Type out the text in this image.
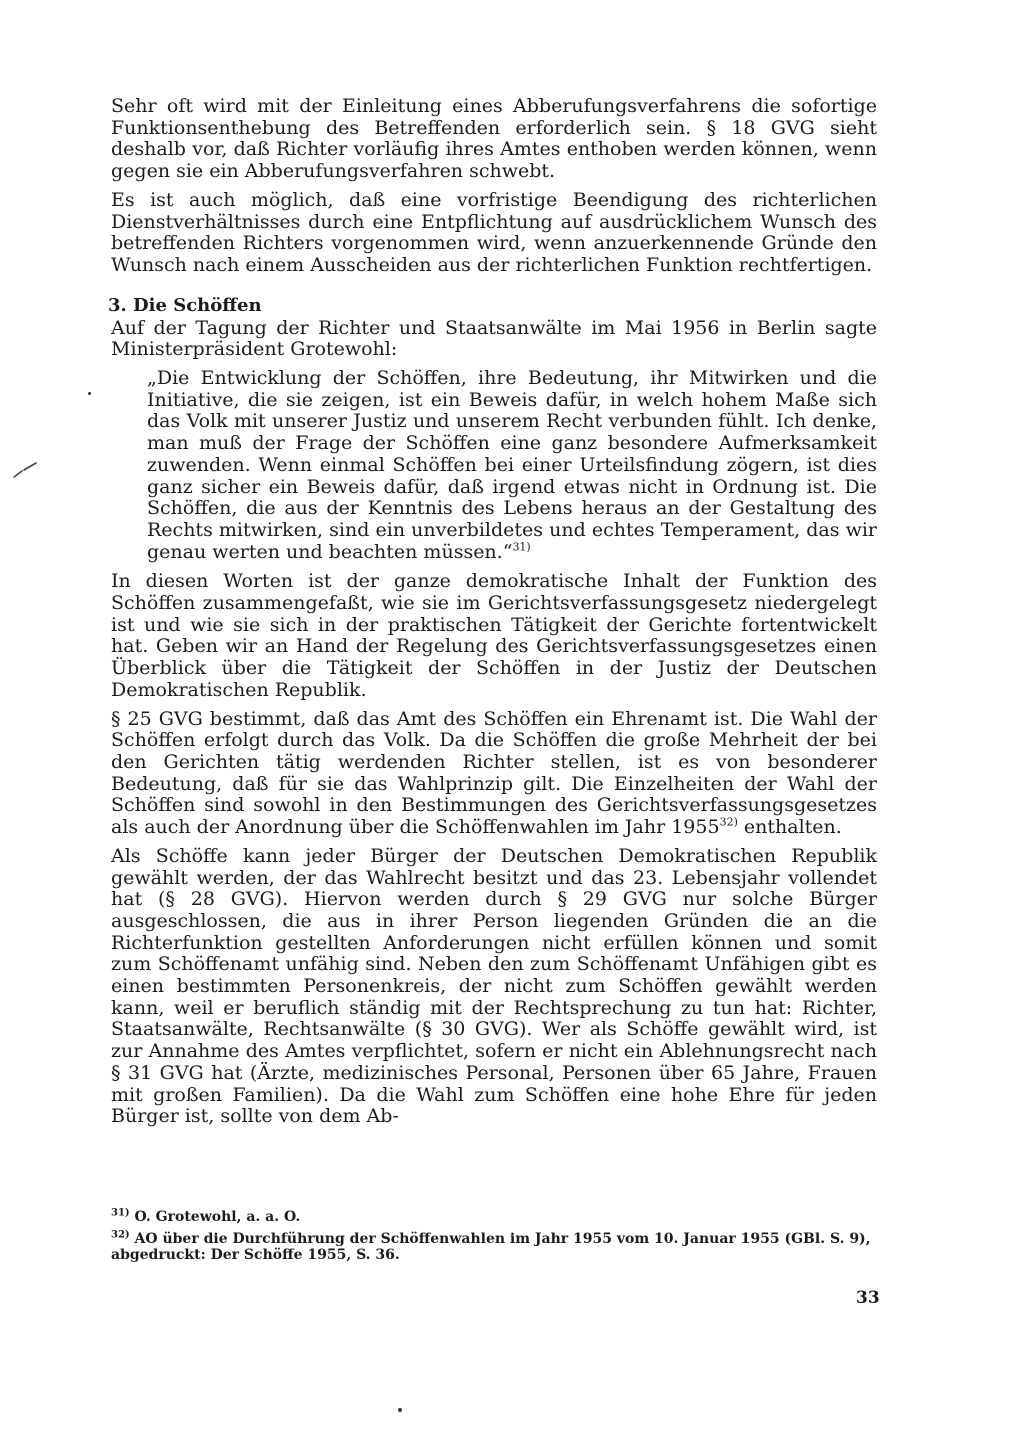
Sehr oft wird mit der Einleitung eines Abberufungsverfahrens die sofortige Funktionsenthebung des Betreffenden erforderlich sein. § 18 GVG sieht deshalb vor, daß Richter vorläufig ihres Amtes enthoben werden können, wenn gegen sie ein Abberufungsverfahren schwebt.

Es ist auch möglich, daß eine vorfristige Beendigung des richterlichen Dienstverhältnisses durch eine Entpflichtung auf ausdrücklichem Wunsch des betreffenden Richters vorgenommen wird, wenn anzuerkennende Gründe den Wunsch nach einem Ausscheiden aus der richterlichen Funktion rechtfertigen.

3. Die Schöffen

Auf der Tagung der Richter und Staatsanwälte im Mai 1956 in Berlin sagte Ministerpräsident Grotewohl:

„Die Entwicklung der Schöffen, ihre Bedeutung, ihr Mitwirken und die Initiative, die sie zeigen, ist ein Beweis dafür, in welch hohem Maße sich das Volk mit unserer Justiz und unserem Recht verbunden fühlt. Ich denke, man muß der Frage der Schöffen eine ganz besondere Aufmerksamkeit zuwenden. Wenn einmal Schöffen bei einer Urteilsfindung zögern, ist dies ganz sicher ein Beweis dafür, daß irgend etwas nicht in Ordnung ist. Die Schöffen, die aus der Kenntnis des Lebens heraus an der Gestaltung des Rechts mitwirken, sind ein unverbildetes und echtes Temperament, das wir genau werten und beachten müssen.“$^{31)}$

In diesen Worten ist der ganze demokratische Inhalt der Funktion des Schöffen zusammengefaßt, wie sie im Gerichtsverfassungsgesetz niedergelegt ist und wie sie sich in der praktischen Tätigkeit der Gerichte fortentwickelt hat. Geben wir an Hand der Regelung des Gerichtsverfassungsgesetzes einen Überblick über die Tätigkeit der Schöffen in der Justiz der Deutschen Demokratischen Republik.

§ 25 GVG bestimmt, daß das Amt des Schöffen ein Ehrenamt ist. Die Wahl der Schöffen erfolgt durch das Volk. Da die Schöffen die große Mehrheit der bei den Gerichten tätig werdenden Richter stellen, ist es von besonderer Bedeutung, daß für sie das Wahlprinzip gilt. Die Einzelheiten der Wahl der Schöffen sind sowohl in den Bestimmungen des Gerichtsverfassungsgesetzes als auch der Anordnung über die Schöffenwahlen im Jahr 1955$^{32)}$ enthalten.

Als Schöffe kann jeder Bürger der Deutschen Demokratischen Republik gewählt werden, der das Wahlrecht besitzt und das 23. Lebensjahr vollendet hat (§ 28 GVG). Hiervon werden durch § 29 GVG nur solche Bürger ausgeschlossen, die aus in ihrer Person liegenden Gründen die an die Richterfunktion gestellten Anforderungen nicht erfüllen können und somit zum Schöffenamt unfähig sind. Neben den zum Schöffenamt Unfähigen gibt es einen bestimmten Personenkreis, der nicht zum Schöffen gewählt werden kann, weil er beruflich ständig mit der Rechtsprechung zu tun hat: Richter, Staatsanwälte, Rechtsanwälte (§ 30 GVG). Wer als Schöffe gewählt wird, ist zur Annahme des Amtes verpflichtet, sofern er nicht ein Ablehnungsrecht nach § 31 GVG hat (Ärzte, medizinisches Personal, Personen über 65 Jahre, Frauen mit großen Familien). Da die Wahl zum Schöffen eine hohe Ehre für jeden Bürger ist, sollte von dem Ab-

$^{31)}$ O. Grotewohl, a. a. O.

$^{32)}$ AO über die Durchführung der Schöffenwahlen im Jahr 1955 vom 10. Januar 1955 (GBl. S. 9), abgedruckt: Der Schöffe 1955, S. 36.

33
